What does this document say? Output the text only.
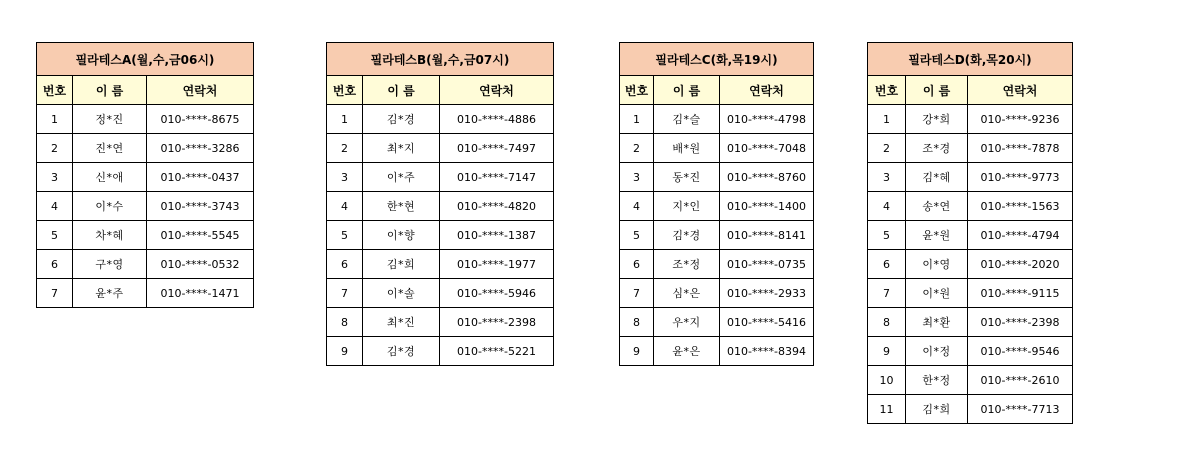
필라테스A(월,수,금06시)		
번호	이 름	연락처
1	정*진	010-****-8675
2	진*연	010-****-3286
3	신*애	010-****-0437
4	이*수	010-****-3743
5	차*혜	010-****-5545
6	구*영	010-****-0532
7	윤*주	010-****-1471
필라테스B(월,수,금07시)		
번호	이 름	연락처
1	김*경	010-****-4886
2	최*지	010-****-7497
3	이*주	010-****-7147
4	한*현	010-****-4820
5	이*향	010-****-1387
6	김*희	010-****-1977
7	이*솔	010-****-5946
8	최*진	010-****-2398
9	김*경	010-****-5221
필라테스C(화,목19시)		
번호	이 름	연락처
1	김*슬	010-****-4798
2	배*원	010-****-7048
3	동*진	010-****-8760
4	지*인	010-****-1400
5	김*경	010-****-8141
6	조*정	010-****-0735
7	심*은	010-****-2933
8	우*지	010-****-5416
9	윤*은	010-****-8394
필라테스D(화,목20시)		
번호	이 름	연락처
1	강*희	010-****-9236
2	조*경	010-****-7878
3	김*혜	010-****-9773
4	송*연	010-****-1563
5	윤*원	010-****-4794
6	이*영	010-****-2020
7	이*원	010-****-9115
8	최*환	010-****-2398
9	이*정	010-****-9546
10	한*정	010-****-2610
11	김*희	010-****-7713
